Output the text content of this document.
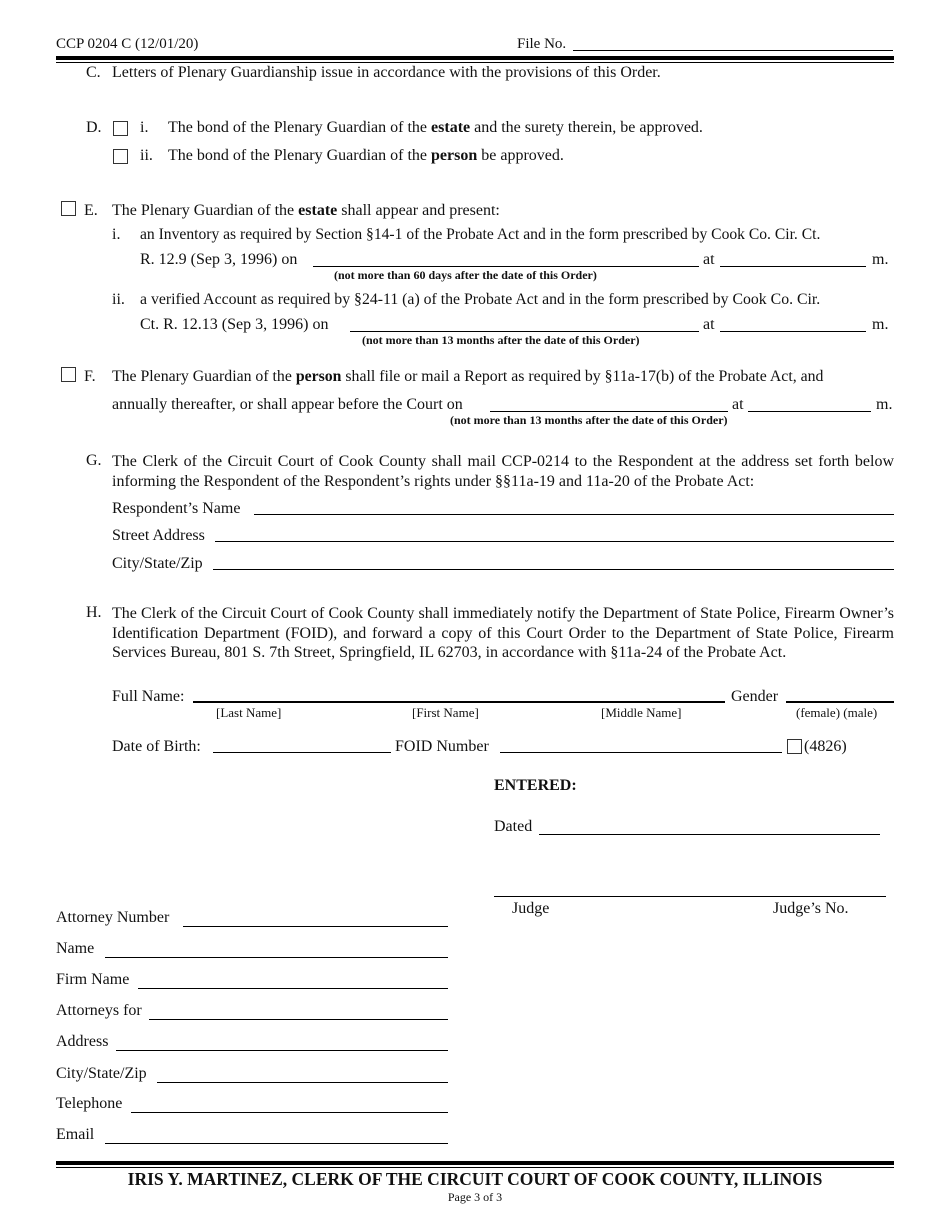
CCP 0204 C (12/01/20)	File No.
C. Letters of Plenary Guardianship issue in accordance with the provisions of this Order.
D. i. The bond of the Plenary Guardian of the estate and the surety therein, be approved.
ii. The bond of the Plenary Guardian of the person be approved.
E. The Plenary Guardian of the estate shall appear and present:
i. an Inventory as required by Section §14-1 of the Probate Act and in the form prescribed by Cook Co. Cir. Ct.
R. 12.9 (Sep 3, 1996) on	at	m.
(not more than 60 days after the date of this Order)
ii. a verified Account as required by §24-11 (a) of the Probate Act and in the form prescribed by Cook Co. Cir.
Ct. R. 12.13 (Sep 3, 1996) on	at	m.
(not more than 13 months after the date of this Order)
F. The Plenary Guardian of the person shall file or mail a Report as required by §11a-17(b) of the Probate Act, and
annually thereafter, or shall appear before the Court on	at	m.
(not more than 13 months after the date of this Order)
G. The Clerk of the Circuit Court of Cook County shall mail CCP-0214 to the Respondent at the address set forth below informing the Respondent of the Respondent’s rights under §§11a-19 and 11a-20 of the Probate Act:
Respondent’s Name
Street Address
City/State/Zip
H. The Clerk of the Circuit Court of Cook County shall immediately notify the Department of State Police, Firearm Owner’s Identification Department (FOID), and forward a copy of this Court Order to the Department of State Police, Firearm Services Bureau, 801 S. 7th Street, Springfield, IL 62703, in accordance with §11a-24 of the Probate Act.
Full Name:	Gender
[Last Name]	[First Name]	[Middle Name]	(female) (male)
Date of Birth:	FOID Number	(4826)
ENTERED:
Dated
Judge	Judge’s No.
Attorney Number
Name
Firm Name
Attorneys for
Address
City/State/Zip
Telephone
Email
IRIS Y. MARTINEZ, CLERK OF THE CIRCUIT COURT OF COOK COUNTY, ILLINOIS
Page 3 of 3
